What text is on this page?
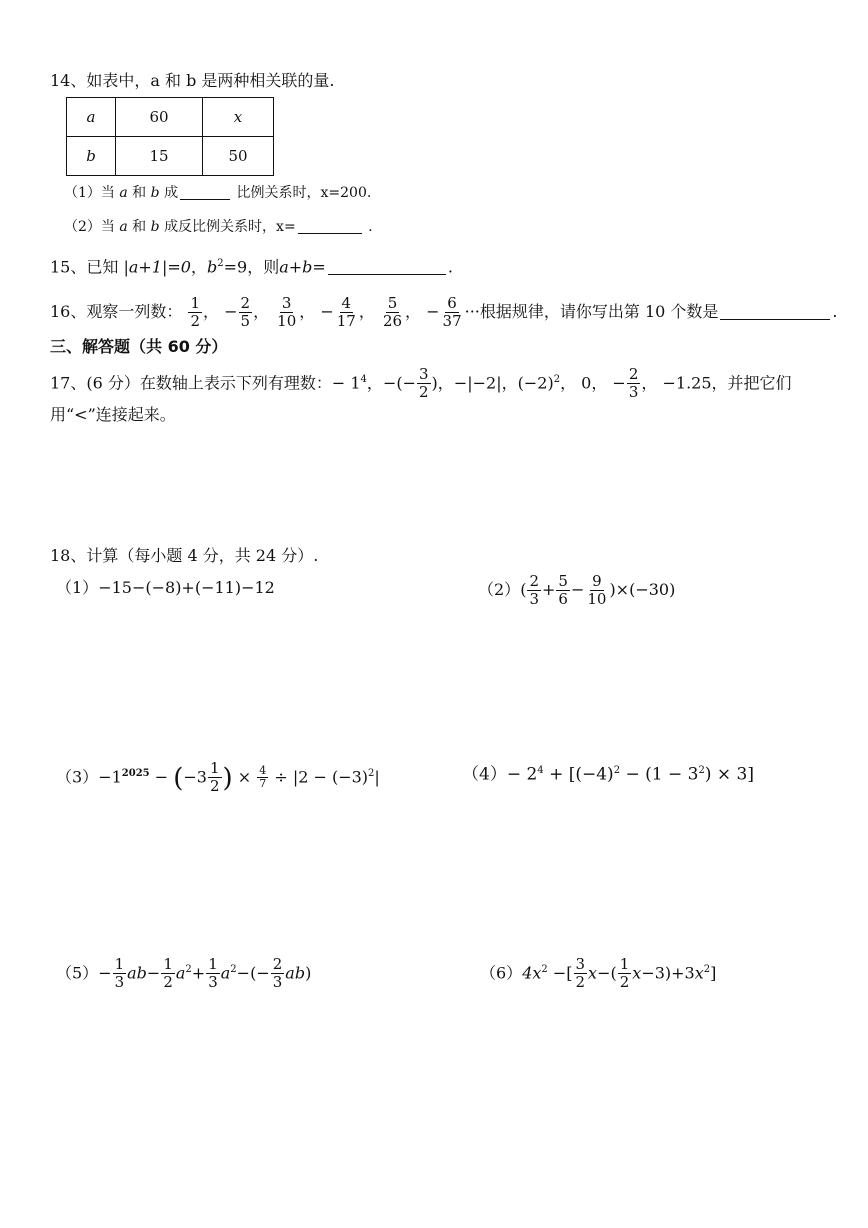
14、如表中，a 和 b 是两种相关联的量.
a	60	x
b	15	50
（1）当 a 和 b 成	比例关系时，x=200.
（2）当 a 和 b 成反比例关系时，x=	.
15、已知 |a+1|=0，$b^2=9$，则a+b=	.
16、观察一列数： $\frac{1}{2}$ ， − $\frac{2}{5}$ ， $\frac{3}{10}$ ， − $\frac{4}{17}$ ， $\frac{5}{26}$ ， − $\frac{6}{37}$ ···根据规律，请你写出第 10 个数是	.
三、解答题（共 60 分）
17、(6 分）在数轴上表示下列有理数：− $1^4$，−(− $\frac{3}{2}$ )，−|−2|，$(-2)^2$， 0， − $\frac{2}{3}$ ， −1.25，并把它们
用“<”连接起来。
18、计算（每小题 4 分，共 24 分）.
（1）−15−(−8)+(−11)−12	$(2)( \frac{2}{3} + \frac{5}{6} - \frac{9}{10} )\times(-30)$
$(3)-1^{2025} - (-3 \frac{1}{2}$ ) × $\frac{4}{7} \div |2 - (-3)^2|$	$(4)- 2^4 + [(-4)^2 - (1 - 3^2) \times 3]$
$(5)- \frac{1}{3} ab- \frac{1}{2} a^2+ \frac{1}{3} a^2-(- \frac{2}{3} ab)$	$(6)4x^2$ −[ $\frac{3}{2} x-( \frac{1}{2} x-3)+3x^2$]
